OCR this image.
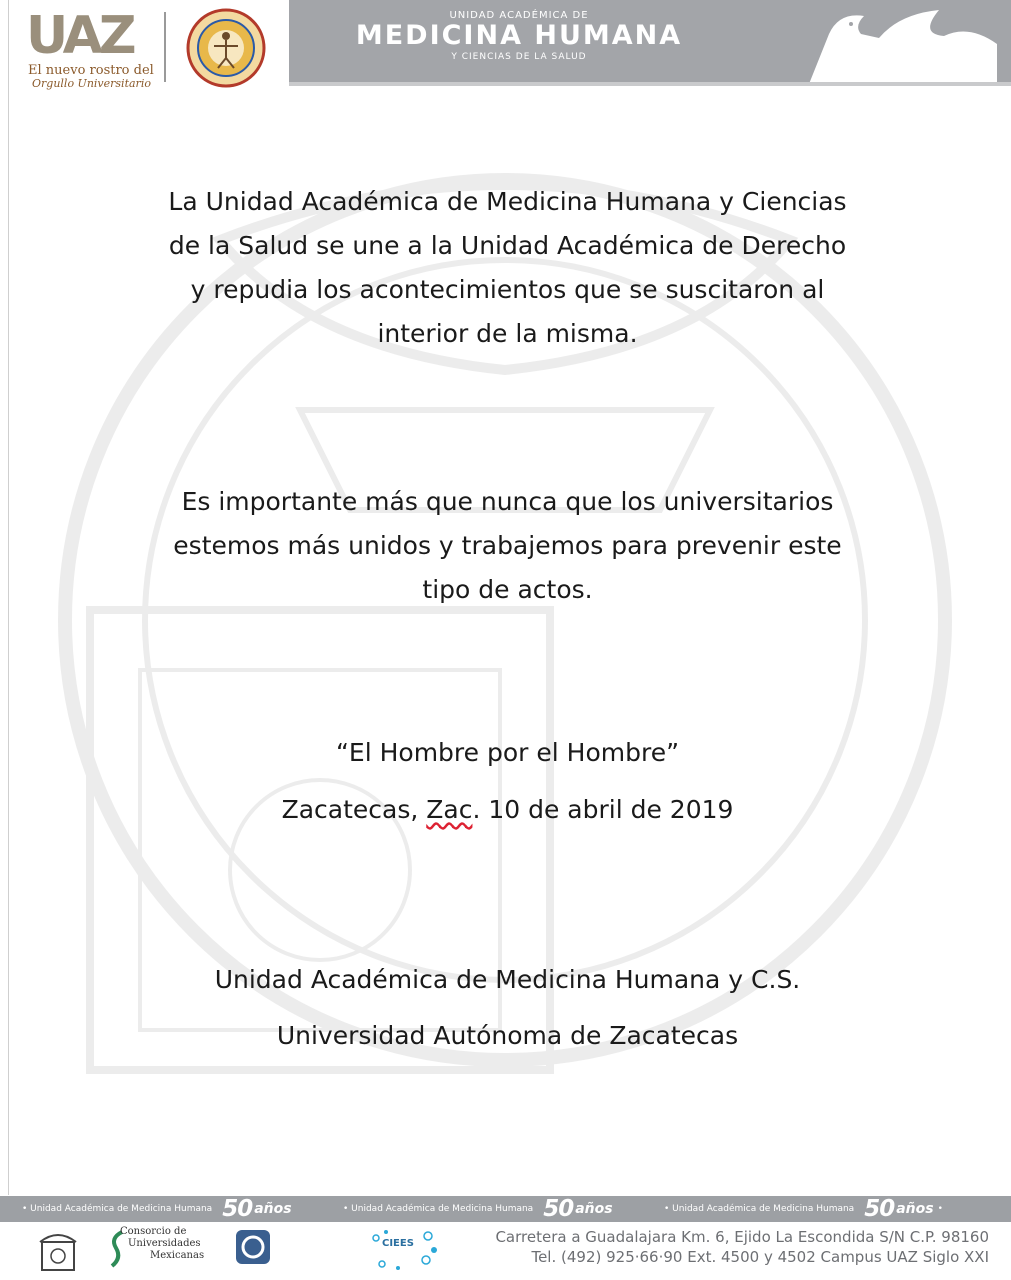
UAZ
El nuevo rostro del
Orgullo Universitario
UNIDAD ACADÉMICA DE
MEDICINA HUMANA
Y CIENCIAS DE LA SALUD
La Unidad Académica de Medicina Humana y Ciencias
de la Salud se une a la Unidad Académica de Derecho
y repudia los acontecimientos que se suscitaron al
interior de la misma.
Es importante más que nunca que los universitarios
estemos más unidos y trabajemos para prevenir este
tipo de actos.
“El Hombre por el Hombre”
Zacatecas, Zac. 10 de abril de 2019
Unidad Académica de Medicina Humana y C.S.
Universidad Autónoma de Zacatecas
• Unidad Académica de Medicina Humana 50 años	• Unidad Académica de Medicina Humana 50 años	• Unidad Académica de Medicina Humana 50 años •
Consorcio de
Universidades
Mexicanas
CIEES	Carretera a Guadalajara Km. 6, Ejido La Escondida S/N C.P. 98160
Tel. (492) 925·66·90 Ext. 4500 y 4502 Campus UAZ Siglo XXI
